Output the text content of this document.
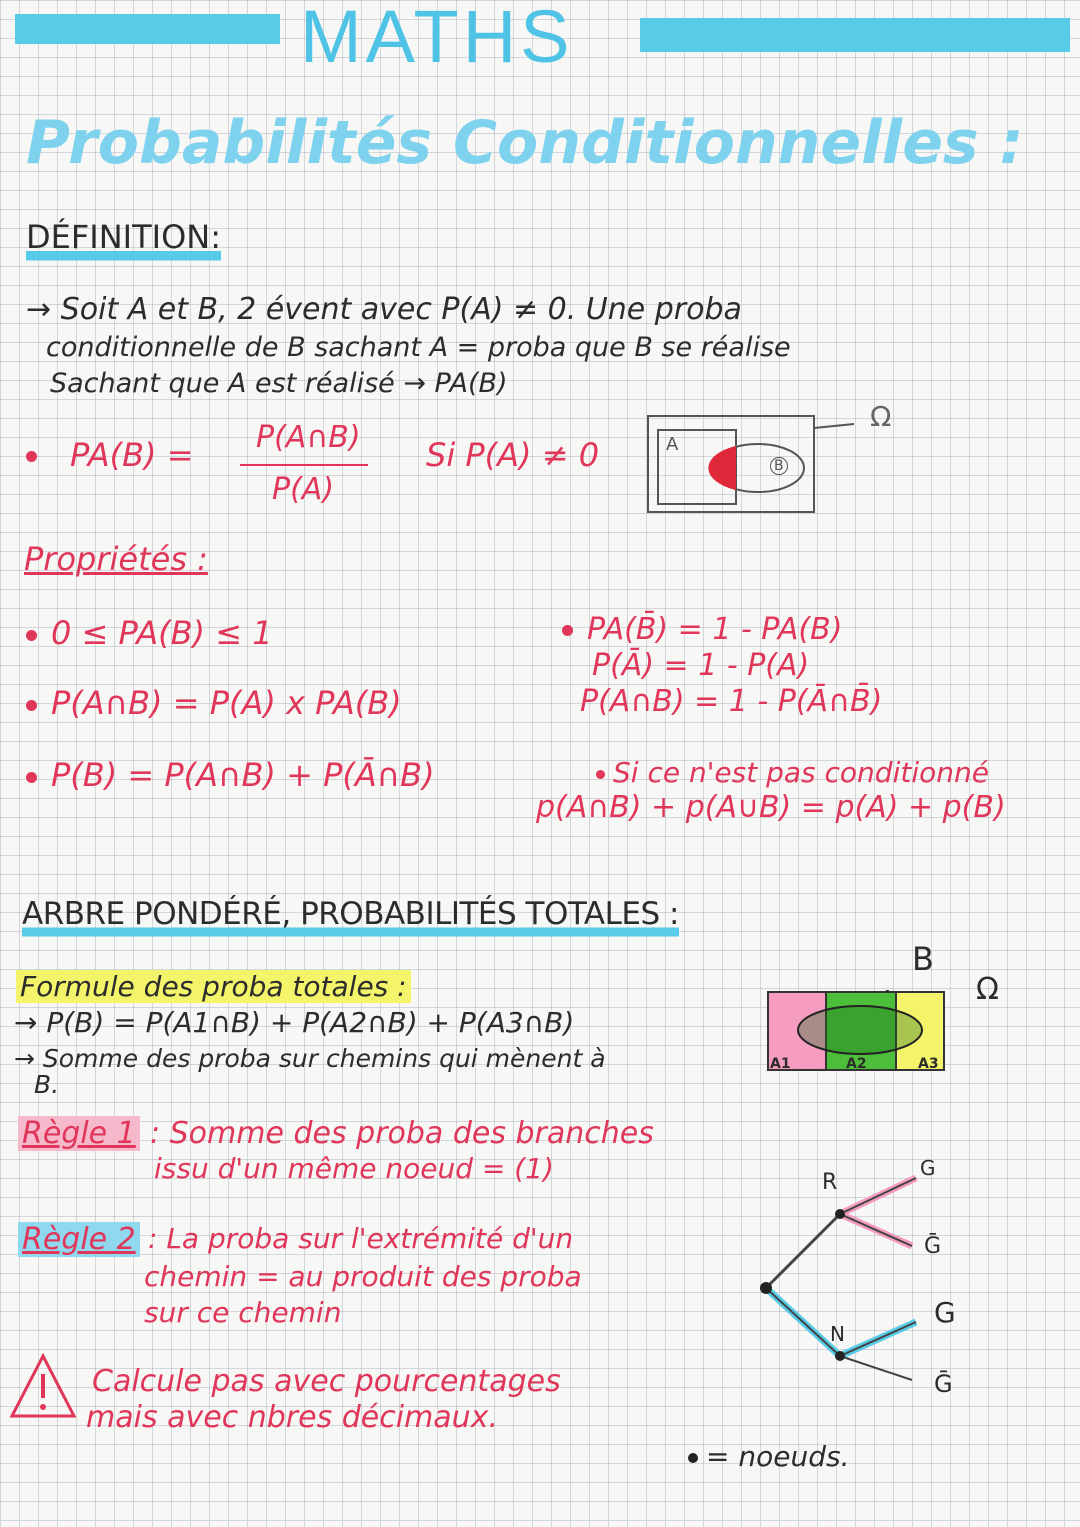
MATHS
Probabilités Conditionnelles :
DÉFINITION:
→ Soit A et B, 2 évent avec P(A) ≠ 0. Une proba
conditionnelle de B sachant A = proba que B se réalise
Sachant que A est réalisé → PA(B)
PA(B) = P(A∩B)
P(A)
Si P(A) ≠ 0	A
B
Ω
Propriétés :
0 ≤ PA(B) ≤ 1
P(A∩B) = P(A) x PA(B)
P(B) = P(A∩B) + P(Ā∩B)
PA(B̄) = 1 - PA(B)
P(Ā) = 1 - P(A)
P(A∩B) = 1 - P(Ā∩B̄)
Si ce n'est pas conditionné
p(A∩B) + p(A∪B) = p(A) + p(B)
ARBRE PONDÉRÉ, PROBABILITÉS TOTALES :
Formule des proba totales :
→ P(B) = P(A1∩B) + P(A2∩B) + P(A3∩B)
→ Somme des proba sur chemins qui mènent à
B.
B
Ω
A1	A2	A3
Règle 1 : Somme des proba des branches
issu d'un même noeud = (1)
Règle 2 : La proba sur l'extrémité d'un
chemin = au produit des proba
sur ce chemin
Calcule pas avec pourcentages
mais avec nbres décimaux.
R
N
G
Ḡ
G
Ḡ
= noeuds.
